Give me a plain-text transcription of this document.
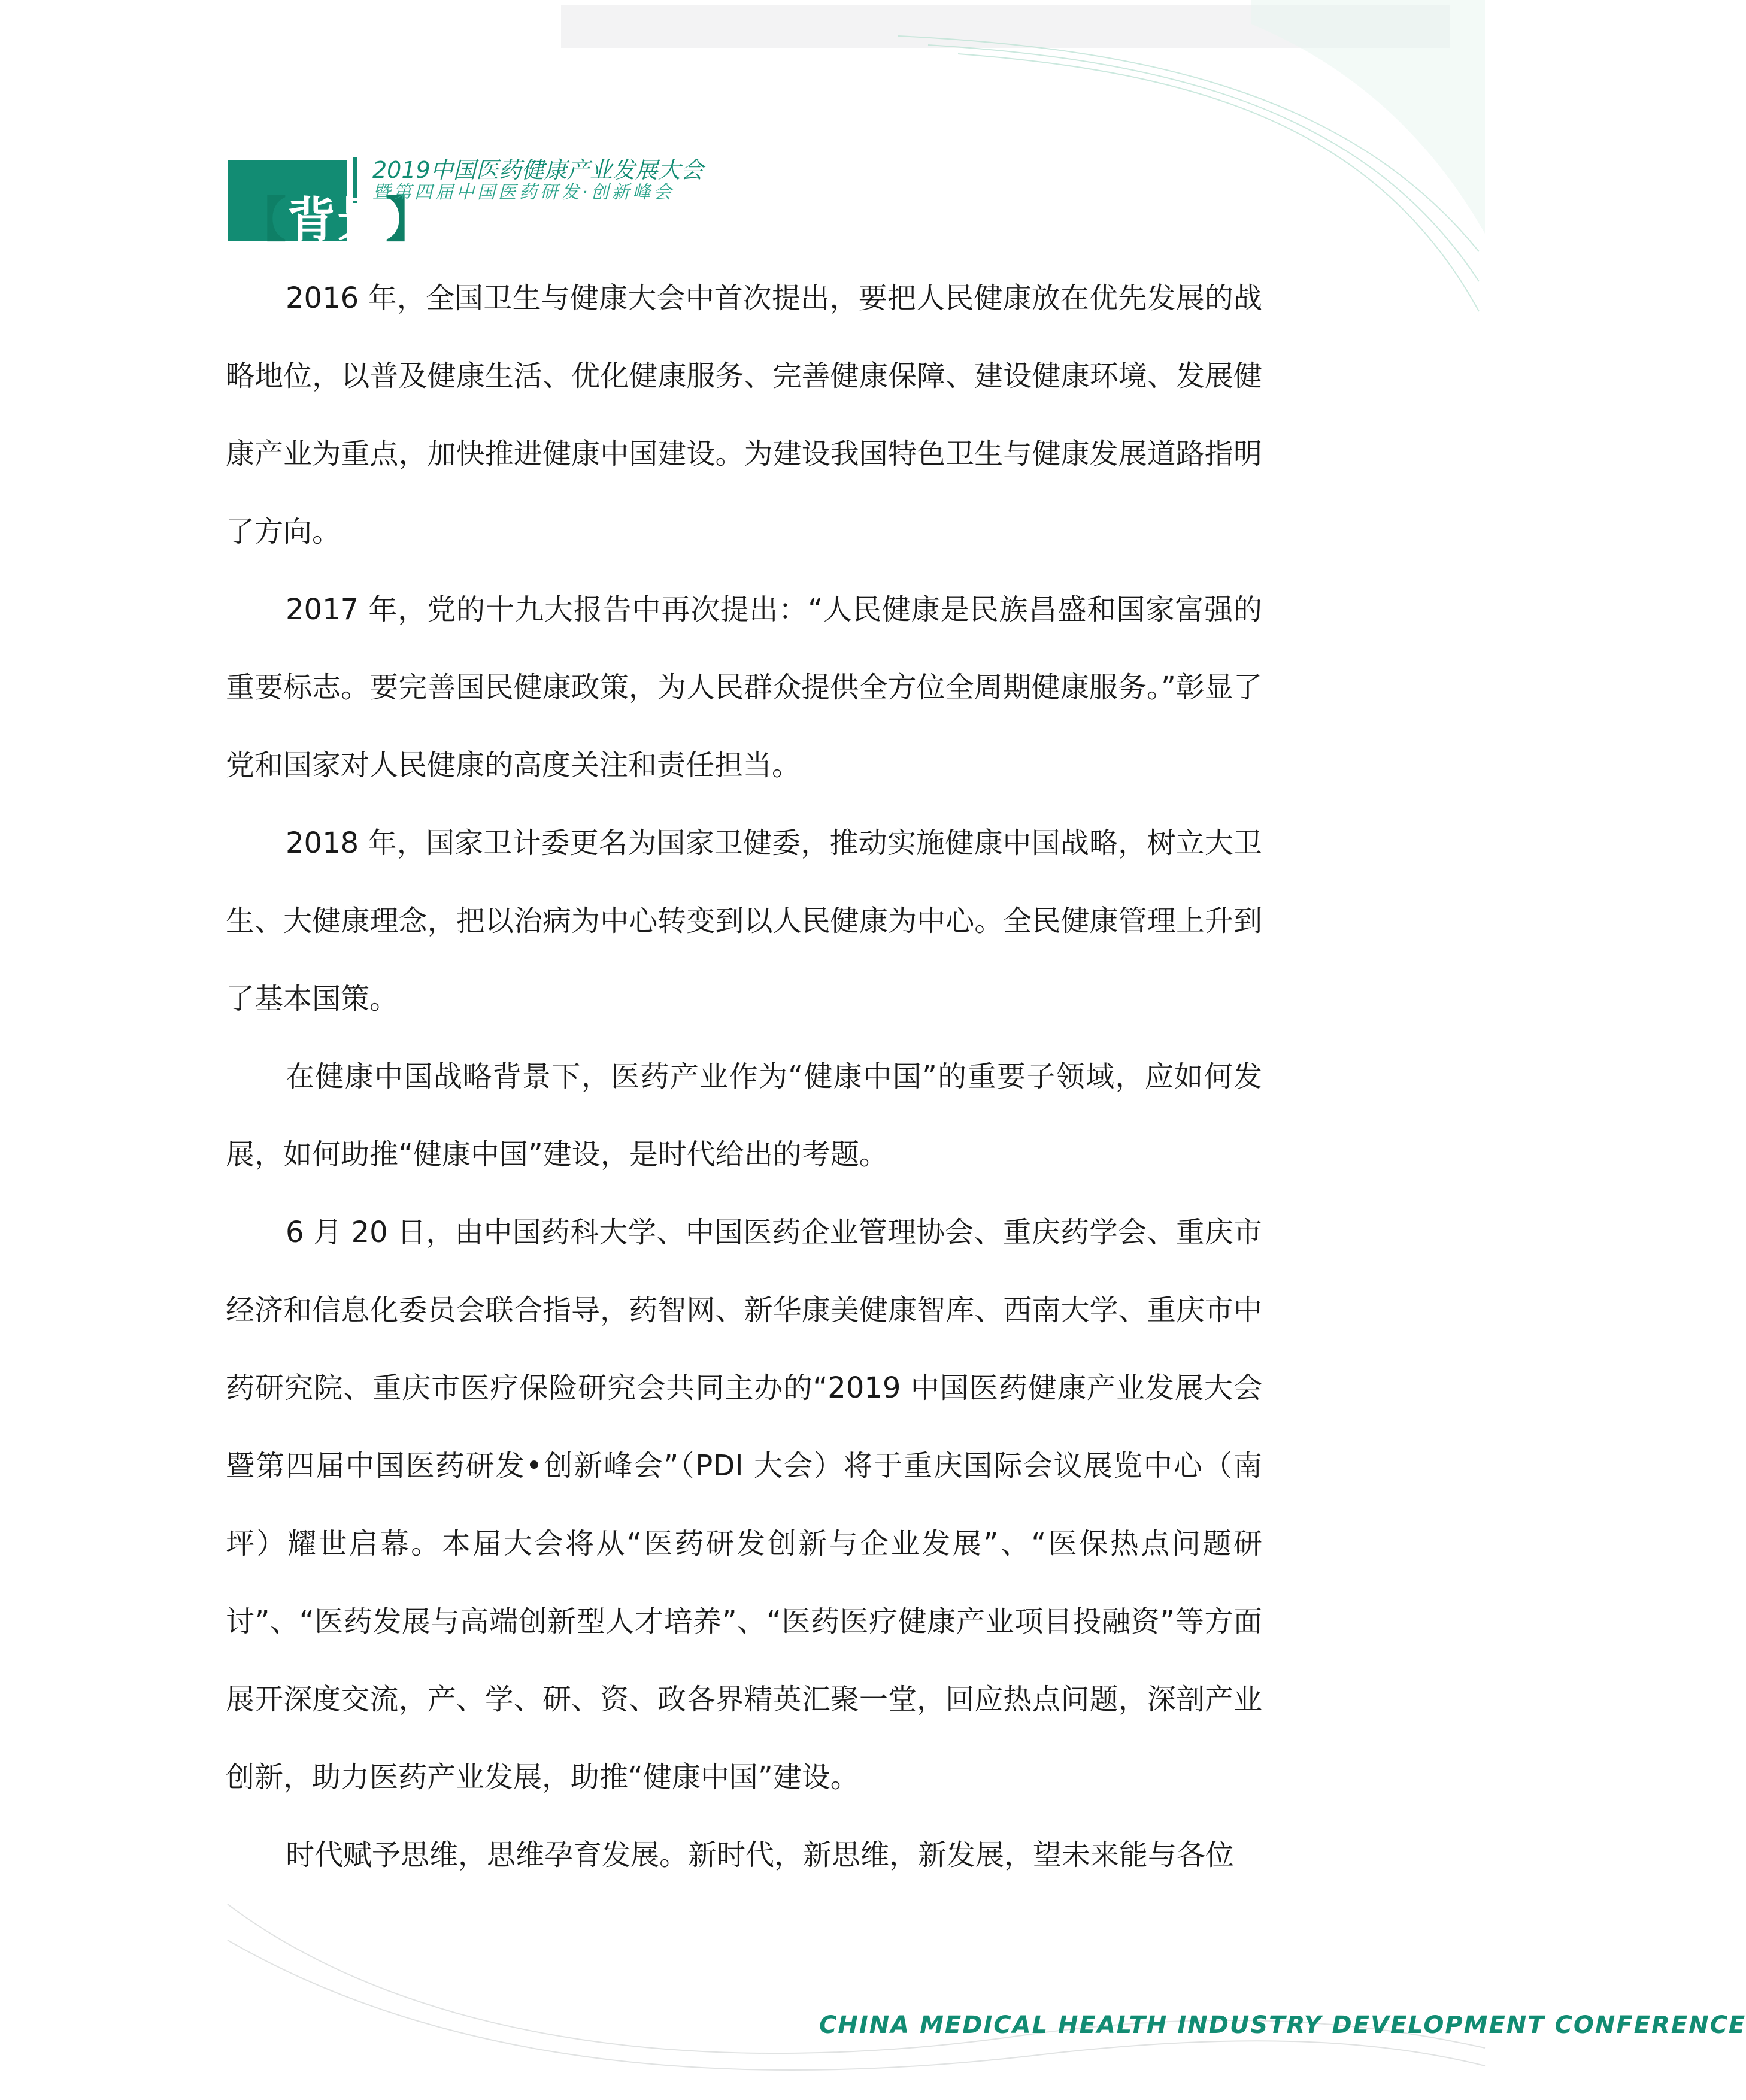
【背景】
2019中国医药健康产业发展大会
暨第四届中国医药研发·创新峰会

2016 年，全国卫生与健康大会中首次提出，要把人民健康放在优先发展的战略地位，以普及健康生活、优化健康服务、完善健康保障、建设健康环境、发展健康产业为重点，加快推进健康中国建设。为建设我国特色卫生与健康发展道路指明了方向。

2017 年，党的十九大报告中再次提出：“人民健康是民族昌盛和国家富强的重要标志。要完善国民健康政策，为人民群众提供全方位全周期健康服务。”彰显了党和国家对人民健康的高度关注和责任担当。

2018 年，国家卫计委更名为国家卫健委，推动实施健康中国战略，树立大卫生、大健康理念，把以治病为中心转变到以人民健康为中心。全民健康管理上升到了基本国策。

在健康中国战略背景下，医药产业作为“健康中国”的重要子领域，应如何发展，如何助推“健康中国”建设，是时代给出的考题。

6 月 20 日，由中国药科大学、中国医药企业管理协会、重庆药学会、重庆市经济和信息化委员会联合指导，药智网、新华康美健康智库、西南大学、重庆市中药研究院、重庆市医疗保险研究会共同主办的“2019 中国医药健康产业发展大会暨第四届中国医药研发•创新峰会”（PDI 大会）将于重庆国际会议展览中心（南坪）耀世启幕。本届大会将从“医药研发创新与企业发展”、“医保热点问题研讨”、“医药发展与高端创新型人才培养”、“医药医疗健康产业项目投融资”等方面展开深度交流，产、学、研、资、政各界精英汇聚一堂，回应热点问题，深剖产业创新，助力医药产业发展，助推“健康中国”建设。

时代赋予思维，思维孕育发展。新时代，新思维，新发展，望未来能与各位

CHINA MEDICAL HEALTH INDUSTRY DEVELOPMENT CONFERENCE
